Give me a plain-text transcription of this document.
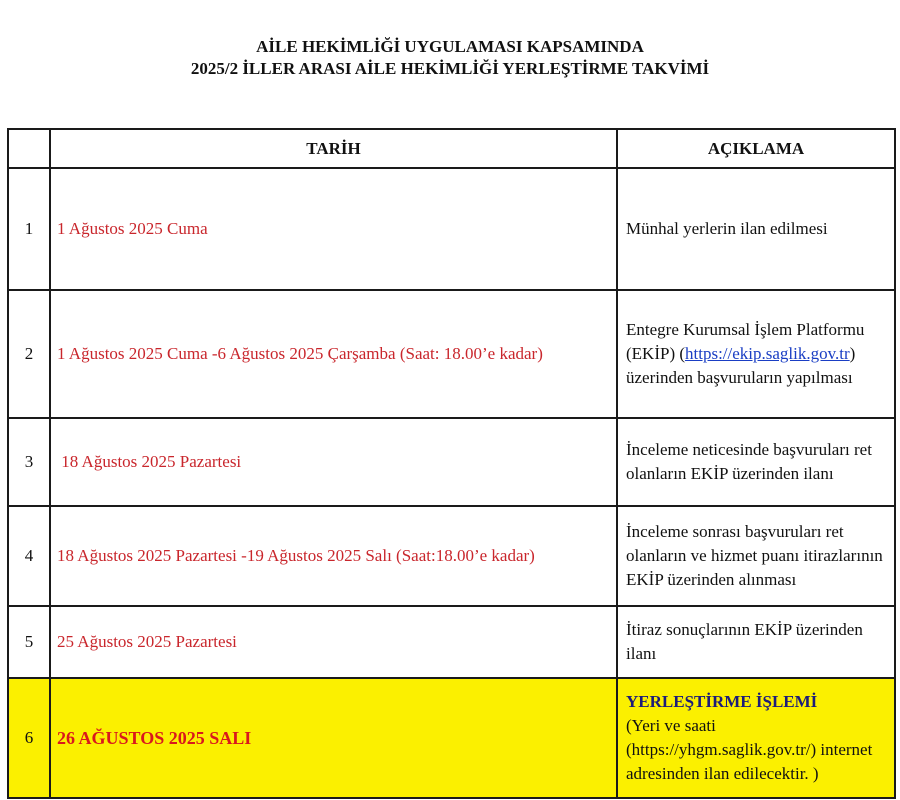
AİLE HEKİMLİĞİ UYGULAMASI KAPSAMINDA
2025/2 İLLER ARASI AİLE HEKİMLİĞİ YERLEŞTİRME TAKVİMİ
	TARİH	AÇIKLAMA
1	1 Ağustos 2025 Cuma	Münhal yerlerin ilan edilmesi
2	1 Ağustos 2025 Cuma -6 Ağustos 2025 Çarşamba (Saat: 18.00’e kadar)	Entegre Kurumsal İşlem Platformu (EKİP) (https://ekip.saglik.gov.tr) üzerinden başvuruların yapılması
3	18 Ağustos 2025 Pazartesi	İnceleme neticesinde başvuruları ret olanların EKİP üzerinden ilanı
4	18 Ağustos 2025 Pazartesi -19 Ağustos 2025 Salı (Saat:18.00’e kadar)	İnceleme sonrası başvuruları ret olanların ve hizmet puanı itirazlarının EKİP üzerinden alınması
5	25 Ağustos 2025 Pazartesi	İtiraz sonuçlarının EKİP üzerinden ilanı
6	26 AĞUSTOS 2025 SALI	YERLEŞTİRME İŞLEMİ
(Yeri ve saati (https://yhgm.saglik.gov.tr/) internet adresinden ilan edilecektir. )
